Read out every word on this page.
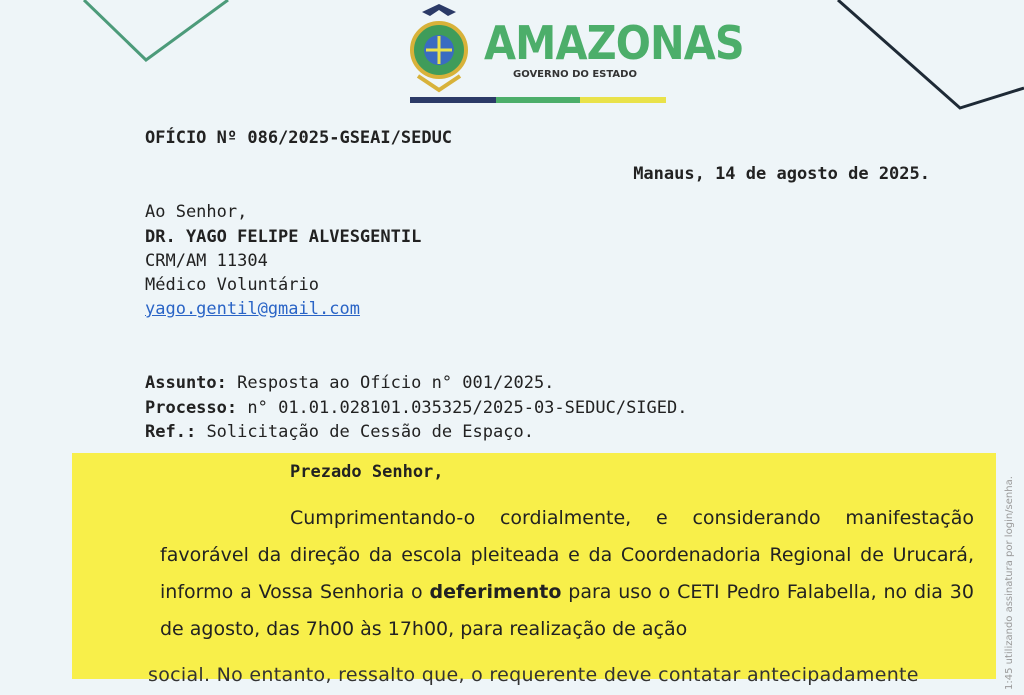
AMAZONAS
GOVERNO DO ESTADO
OFÍCIO Nº 086/2025-GSEAI/SEDUC
Manaus, 14 de agosto de 2025.
Ao Senhor,
DR. YAGO FELIPE ALVESGENTIL
CRM/AM 11304
Médico Voluntário
yago.gentil@gmail.com
Assunto: Resposta ao Ofício n° 001/2025.
Processo: n° 01.01.028101.035325/2025-03-SEDUC/SIGED.
Ref.: Solicitação de Cessão de Espaço.
Prezado Senhor,

Cumprimentando-o cordialmente, e considerando manifestação favorável da direção da escola pleiteada e da Coordenadoria Regional de Urucará, informo a Vossa Senhoria o deferimento para uso o CETI Pedro Falabella, no dia 30 de agosto, das 7h00 às 17h00, para realização de ação

social. No entanto, ressalto que, o requerente deve contatar antecipadamente	1:45 utilizando assinatura por login/senha.
